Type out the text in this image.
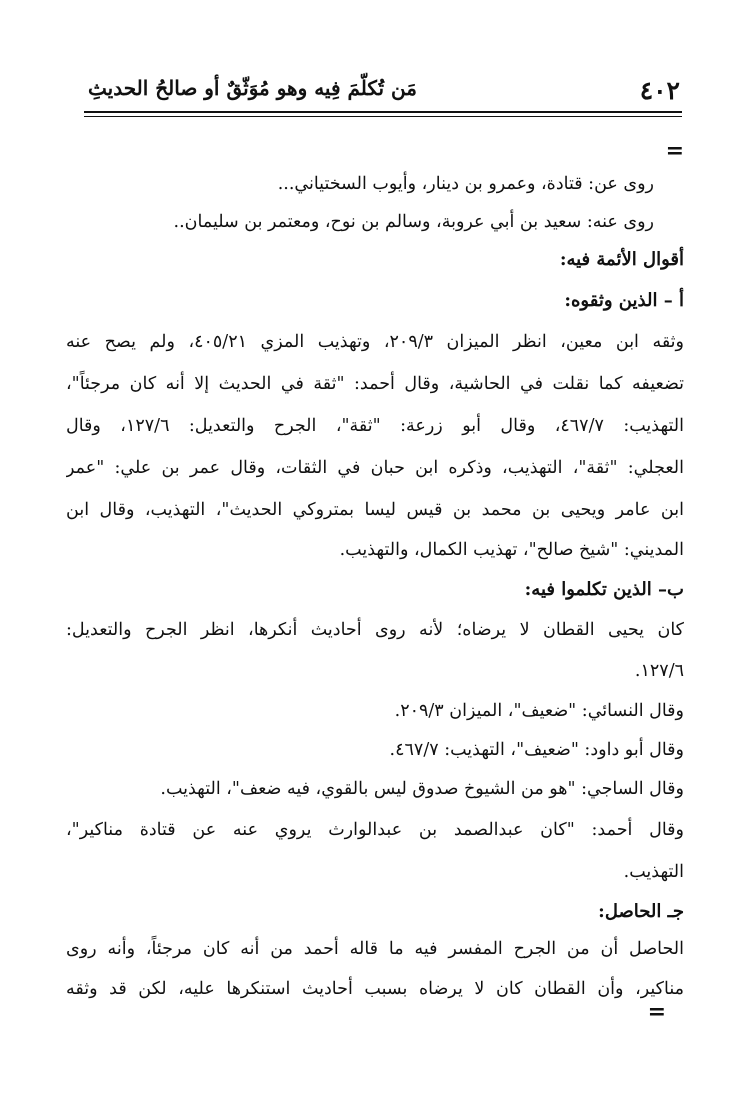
٤٠٢
مَن تُكلّمَ فِيه وهو مُوَثّقٌ أو صالحُ الحديثِ
=
روى عن: قتادة، وعمرو بن دينار، وأيوب السختياني...
روى عنه: سعيد بن أبي عروبة، وسالم بن نوح، ومعتمر بن سليمان..
أقوال الأئمة فيه:
أ – الذين وثقوه:
وثقه ابن معين، انظر الميزان ٢٠٩/٣، وتهذيب المزي ٤٠٥/٢١، ولم يصح عنه
تضعيفه كما نقلت في الحاشية، وقال أحمد: "ثقة في الحديث إلا أنه كان مرجئاً"،
التهذيب: ٤٦٧/٧، وقال أبو زرعة: "ثقة"، الجرح والتعديل: ١٢٧/٦، وقال
العجلي: "ثقة"، التهذيب، وذكره ابن حبان في الثقات، وقال عمر بن علي: "عمر
ابن عامر ويحيى بن محمد بن قيس ليسا بمتروكي الحديث"، التهذيب، وقال ابن
المديني: "شيخ صالح"، تهذيب الكمال، والتهذيب.
ب– الذين تكلموا فيه:
كان يحيى القطان لا يرضاه؛ لأنه روى أحاديث أنكرها، انظر الجرح والتعديل:
١٢٧/٦.
وقال النسائي: "ضعيف"، الميزان ٢٠٩/٣.
وقال أبو داود: "ضعيف"، التهذيب: ٤٦٧/٧.
وقال الساجي: "هو من الشيوخ صدوق ليس بالقوي، فيه ضعف"، التهذيب.
وقال أحمد: "كان عبدالصمد بن عبدالوارث يروي عنه عن قتادة مناكير"،
التهذيب.
جـ الحاصل:
الحاصل أن من الجرح المفسر فيه ما قاله أحمد من أنه كان مرجئاً، وأنه روى
مناكير، وأن القطان كان لا يرضاه بسبب أحاديث استنكرها عليه، لكن قد وثقه
=
